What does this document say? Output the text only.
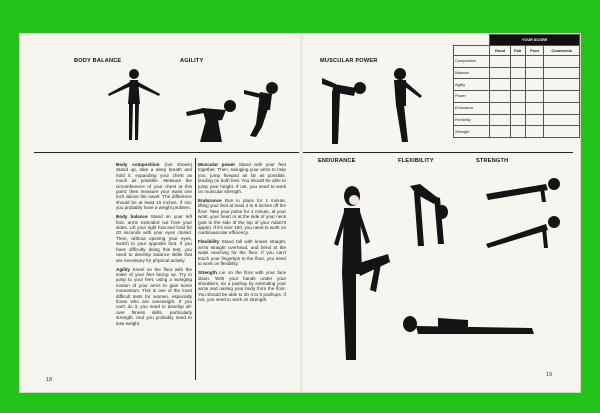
BODY BALANCE	AGILITY	MUSCULAR POWER
	YOUR SCORE			
	Good	Fair	Poor	Comments
Composition				
Balance				
Agility				
Power				
Endurance				
Flexibility				
Strength				

Body composition (not shown) Stand up, take a deep breath and hold it, expanding your chest as much as possible. Measure the circumference of your chest at this point; then measure your waist one inch above the navel. The difference should be at least 10 inches. If not, you probably have a weight problem.

Body balance Stand on your left foot, arms extended out from your sides. Lift your right foot and hold for 20 seconds with your eyes closed. Then, without opening your eyes, switch to your opposite foot. If you have difficulty doing this test, you need to develop balance skills that are necessary for physical activity.

Agility Kneel on the floor with the soles of your feet facing up. Try to jump to your feet, using a swinging motion of your arms to gain some momentum. This is one of the most difficult tests for women, especially those who are overweight. If you can't do it, you need to develop all-over fitness skills, particularly strength. And you probably need to lose weight.

Muscular power Stand with your feet together. Then, swinging your arms to help you, jump forward as far as possible, landing on both feet. You should be able to jump your height. If not, you need to work on muscular strength.

Endurance Run in place for 1 minute, lifting your feet at least 4 to 6 inches off the floor. Take your pulse for 1 minute, at your wrist, your heart or at the side of your neck (just to the side of the top of your Adam's apple). If it's over 100, you need to work on cardiovascular efficiency.

Flexibility Stand tall with knees straight, arms straight overhead, and bend at the waist reaching for the floor. If you can't touch your fingertips to the floor, you need to work on flexibility.

Strength Lie on the floor with your face down. With your hands under your shoulders, do a pushup by extending your arms and raising your body from the floor. You should be able to do 4 to 6 pushups. If not, you need to work on strength.

ENDURANCE	FLEXIBILITY	STRENGTH
18
19
